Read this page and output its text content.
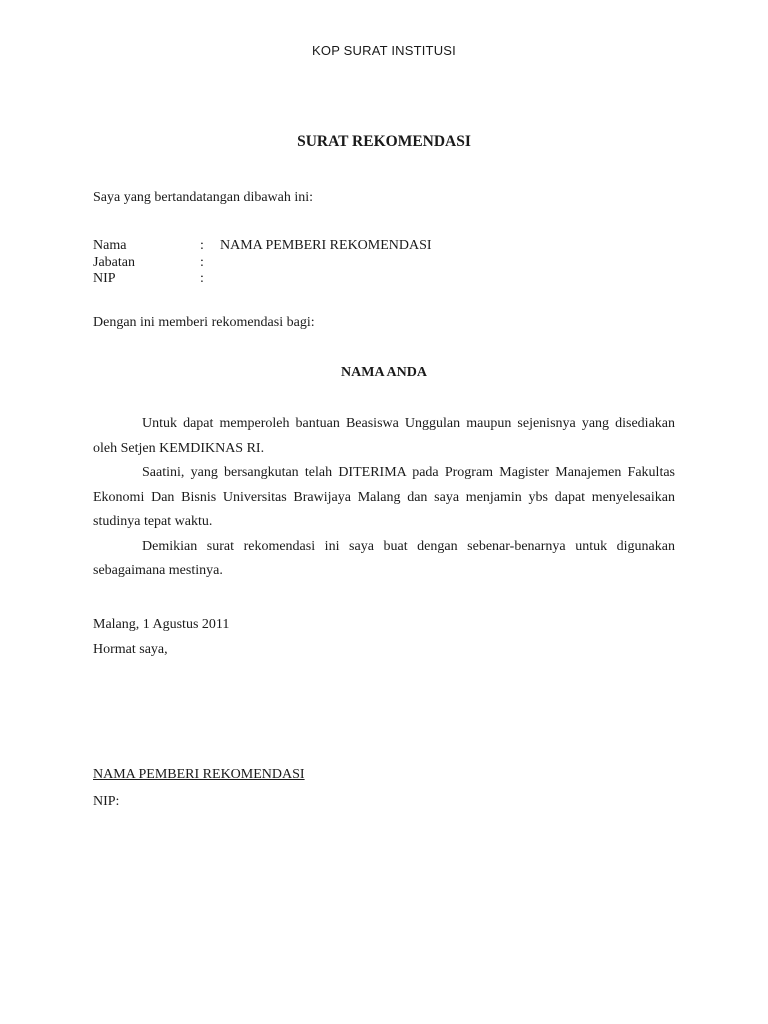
KOP SURAT INSTITUSI
SURAT REKOMENDASI
Saya yang bertandatangan dibawah ini:
Nama	: NAMA PEMBERI REKOMENDASI
Jabatan	:
NIP	:
Dengan ini memberi rekomendasi bagi:
NAMA ANDA

Untuk dapat memperoleh bantuan Beasiswa Unggulan maupun sejenisnya yang disediakan oleh Setjen KEMDIKNAS RI.

Saatini, yang bersangkutan telah DITERIMA pada Program Magister Manajemen Fakultas Ekonomi Dan Bisnis Universitas Brawijaya Malang dan saya menjamin ybs dapat menyelesaikan studinya tepat waktu.

Demikian surat rekomendasi ini saya buat dengan sebenar-benarnya untuk digunakan sebagaimana mestinya.

Malang, 1 Agustus 2011
Hormat saya,
NAMA PEMBERI REKOMENDASI
NIP:
